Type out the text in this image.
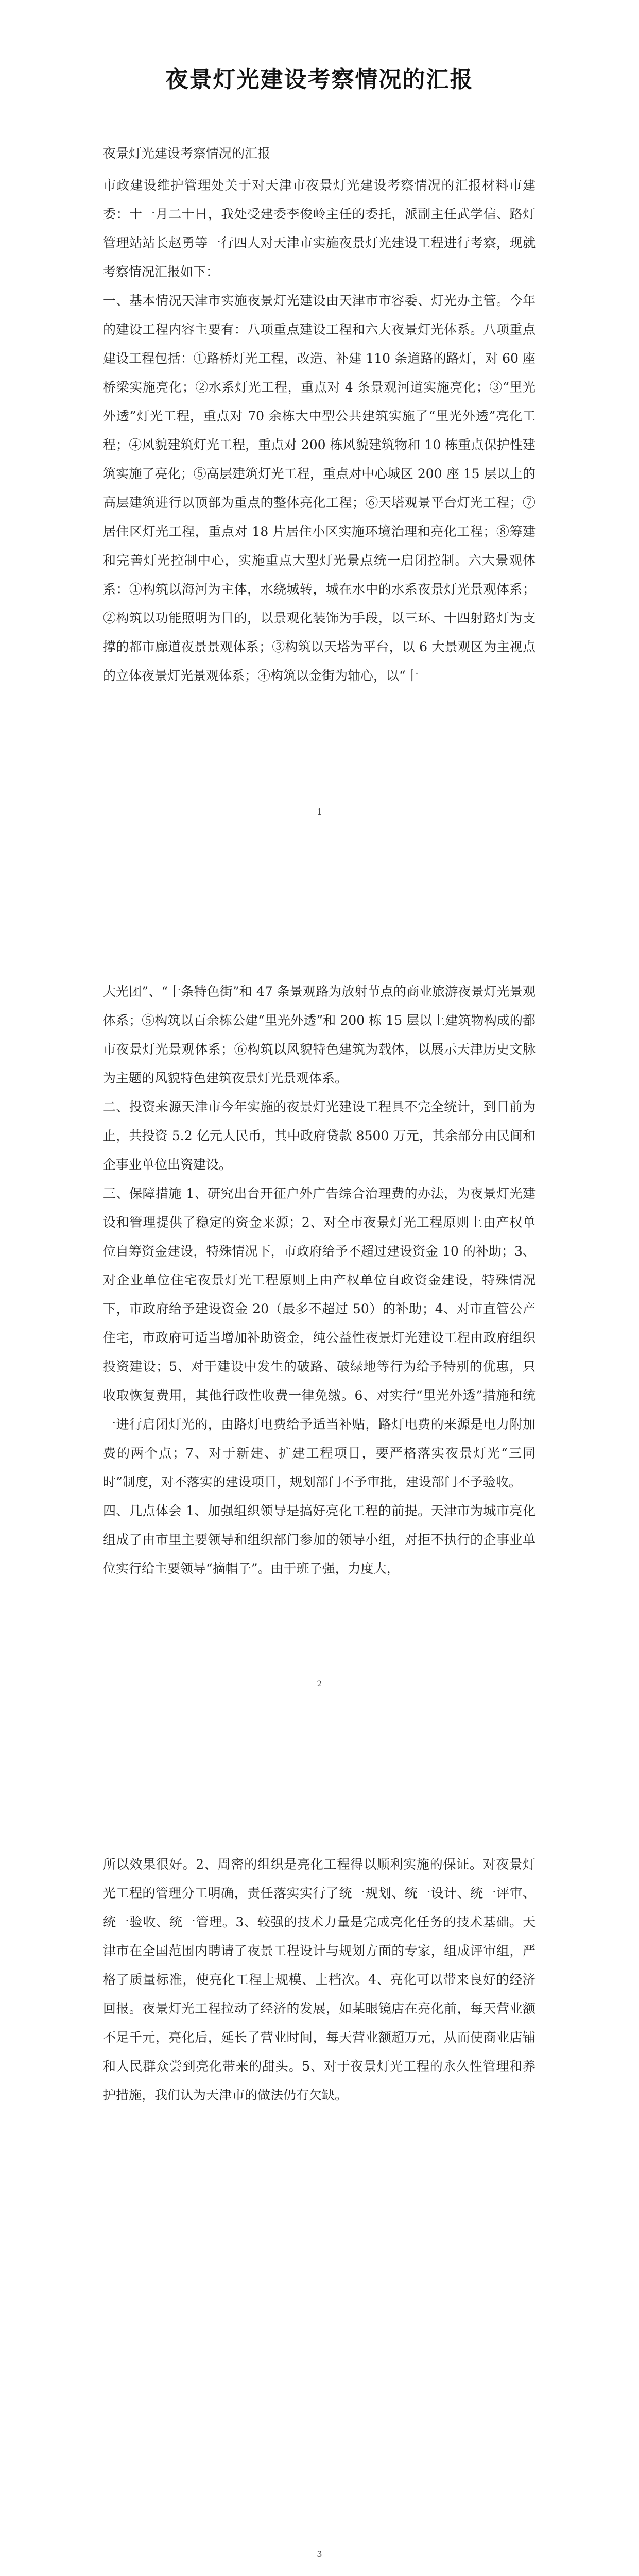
夜景灯光建设考察情况的汇报

夜景灯光建设考察情况的汇报

市政建设维护管理处关于对天津市夜景灯光建设考察情况的汇报材料市建委：十一月二十日，我处受建委李俊岭主任的委托，派副主任武学信、路灯管理站站长赵勇等一行四人对天津市实施夜景灯光建设工程进行考察，现就考察情况汇报如下：

一、基本情况天津市实施夜景灯光建设由天津市市容委、灯光办主管。今年的建设工程内容主要有：八项重点建设工程和六大夜景灯光体系。八项重点建设工程包括：①路桥灯光工程，改造、补建 110 条道路的路灯，对 60 座桥梁实施亮化；②水系灯光工程，重点对 4 条景观河道实施亮化；③“里光外透”灯光工程，重点对 70 余栋大中型公共建筑实施了“里光外透”亮化工程；④风貌建筑灯光工程，重点对 200 栋风貌建筑物和 10 栋重点保护性建筑实施了亮化；⑤高层建筑灯光工程，重点对中心城区 200 座 15 层以上的高层建筑进行以顶部为重点的整体亮化工程；⑥天塔观景平台灯光工程；⑦居住区灯光工程，重点对 18 片居住小区实施环境治理和亮化工程；⑧筹建和完善灯光控制中心，实施重点大型灯光景点统一启闭控制。六大景观体系：①构筑以海河为主体，水绕城转，城在水中的水系夜景灯光景观体系；②构筑以功能照明为目的，以景观化装饰为手段，以三环、十四射路灯为支撑的都市廊道夜景景观体系；③构筑以天塔为平台，以 6 大景观区为主视点的立体夜景灯光景观体系；④构筑以金街为轴心，以“十

1

大光团”、“十条特色街”和 47 条景观路为放射节点的商业旅游夜景灯光景观体系；⑤构筑以百余栋公建“里光外透”和 200 栋 15 层以上建筑物构成的都市夜景灯光景观体系；⑥构筑以风貌特色建筑为载体，以展示天津历史文脉为主题的风貌特色建筑夜景灯光景观体系。

二、投资来源天津市今年实施的夜景灯光建设工程具不完全统计，到目前为止，共投资 5.2 亿元人民币，其中政府贷款 8500 万元，其余部分由民间和企事业单位出资建设。

三、保障措施 1、研究出台开征户外广告综合治理费的办法，为夜景灯光建设和管理提供了稳定的资金来源；2、对全市夜景灯光工程原则上由产权单位自筹资金建设，特殊情况下，市政府给予不超过建设资金 10 的补助；3、对企业单位住宅夜景灯光工程原则上由产权单位自政资金建设，特殊情况下，市政府给予建设资金 20（最多不超过 50）的补助；4、对市直管公产住宅，市政府可适当增加补助资金，纯公益性夜景灯光建设工程由政府组织投资建设；5、对于建设中发生的破路、破绿地等行为给予特别的优惠，只收取恢复费用，其他行政性收费一律免缴。6、对实行“里光外透”措施和统一进行启闭灯光的，由路灯电费给予适当补贴，路灯电费的来源是电力附加费的两个点；7、对于新建、扩建工程项目，要严格落实夜景灯光“三同时”制度，对不落实的建设项目，规划部门不予审批，建设部门不予验收。

四、几点体会 1、加强组织领导是搞好亮化工程的前提。天津市为城市亮化组成了由市里主要领导和组织部门参加的领导小组，对拒不执行的企事业单位实行给主要领导“摘帽子”。由于班子强，力度大，

2

所以效果很好。2、周密的组织是亮化工程得以顺利实施的保证。对夜景灯光工程的管理分工明确，责任落实实行了统一规划、统一设计、统一评审、统一验收、统一管理。3、较强的技术力量是完成亮化任务的技术基础。天津市在全国范围内聘请了夜景工程设计与规划方面的专家，组成评审组，严格了质量标准，使亮化工程上规模、上档次。4、亮化可以带来良好的经济回报。夜景灯光工程拉动了经济的发展，如某眼镜店在亮化前，每天营业额不足千元，亮化后，延长了营业时间，每天营业额超万元，从而使商业店铺和人民群众尝到亮化带来的甜头。5、对于夜景灯光工程的永久性管理和养护措施，我们认为天津市的做法仍有欠缺。

3
